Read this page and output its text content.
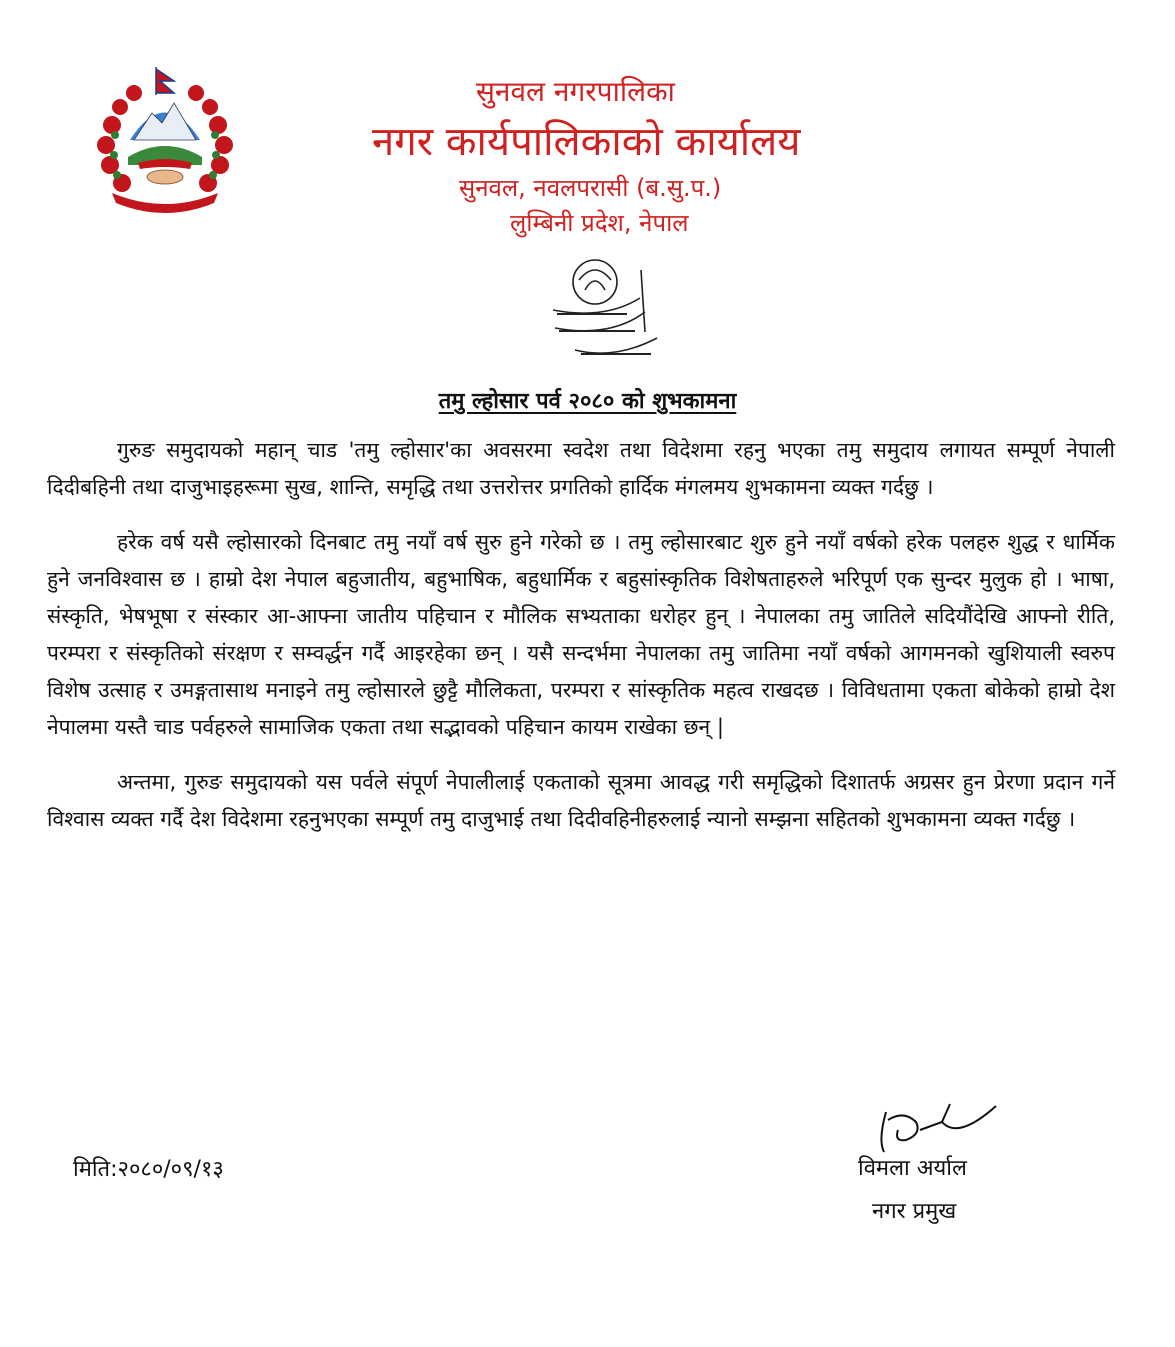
सुनवल नगरपालिका
नगर कार्यपालिकाको कार्यालय
सुनवल, नवलपरासी (ब.सु.प.)
लुम्बिनी प्रदेश, नेपाल
तमु ल्होसार पर्व २०८० को शुभकामना

गुरुङ समुदायको महान् चाड 'तमु ल्होसार'का अवसरमा स्वदेश तथा विदेशमा रहनु भएका तमु समुदाय लगायत सम्पूर्ण नेपाली दिदीबहिनी तथा दाजुभाइहरूमा सुख, शान्ति, समृद्धि तथा उत्तरोत्तर प्रगतिको हार्दिक मंगलमय शुभकामना व्यक्त गर्दछु ।

हरेक वर्ष यसै ल्होसारको दिनबाट तमु नयाँ वर्ष सुरु हुने गरेको छ । तमु ल्होसारबाट शुरु हुने नयाँ वर्षको हरेक पलहरु शुद्ध र धार्मिक हुने जनविश्वास छ । हाम्रो देश नेपाल बहुजातीय, बहुभाषिक, बहुधार्मिक र बहुसांस्कृतिक विशेषताहरुले भरिपूर्ण एक सुन्दर मुलुक हो । भाषा, संस्कृति, भेषभूषा र संस्कार आ-आफ्ना जातीय पहिचान र मौलिक सभ्यताका धरोहर हुन् । नेपालका तमु जातिले सदियौंदेखि आफ्नो रीति, परम्परा र संस्कृतिको संरक्षण र सम्वर्द्धन गर्दै आइरहेका छन् । यसै सन्दर्भमा नेपालका तमु जातिमा नयाँ वर्षको आगमनको खुशियाली स्वरुप विशेष उत्साह र उमङ्गतासाथ मनाइने तमु ल्होसारले छुट्टै मौलिकता, परम्परा र सांस्कृतिक महत्व राखदछ । विविधतामा एकता बोकेको हाम्रो देश नेपालमा यस्तै चाड पर्वहरुले सामाजिक एकता तथा सद्भावको पहिचान कायम राखेका छन् |

अन्तमा, गुरुङ समुदायको यस पर्वले संपूर्ण नेपालीलाई एकताको सूत्रमा आवद्ध गरी समृद्धिको दिशातर्फ अग्रसर हुन प्रेरणा प्रदान गर्ने विश्वास व्यक्त गर्दै देश विदेशमा रहनुभएका सम्पूर्ण तमु दाजुभाई तथा दिदीवहिनीहरुलाई न्यानो सम्झना सहितको शुभकामना व्यक्त गर्दछु ।

मिति:२०८०/०९/१३	विमला अर्याल
नगर प्रमुख
